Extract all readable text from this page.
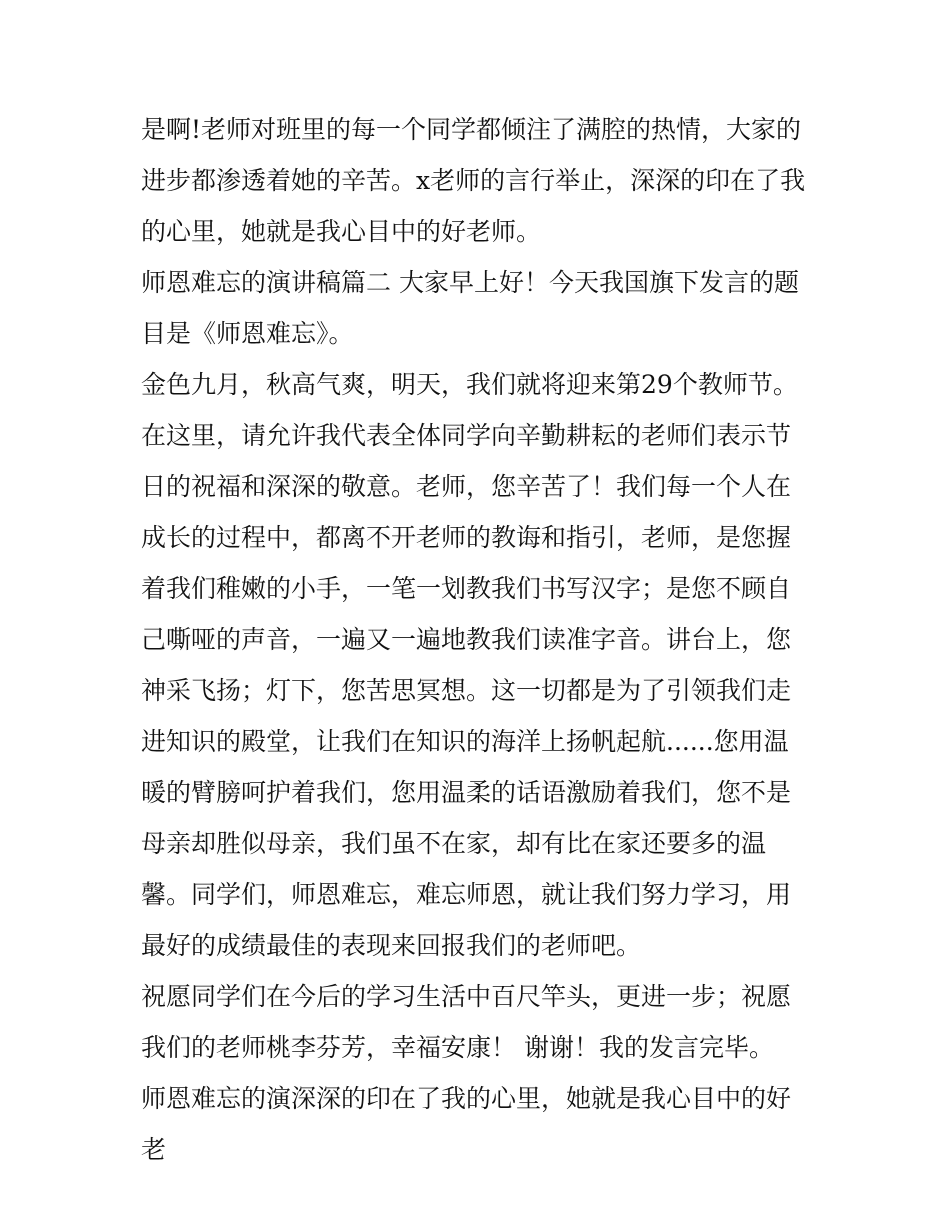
是啊!老师对班里的每一个同学都倾注了满腔的热情，大家的进步都渗透着她的辛苦。x老师的言行举止，深深的印在了我的心里，她就是我心目中的好老师。

师恩难忘的演讲稿篇二 大家早上好！今天我国旗下发言的题目是《师恩难忘》。

金色九月，秋高气爽，明天，我们就将迎来第29个教师节。在这里，请允许我代表全体同学向辛勤耕耘的老师们表示节日的祝福和深深的敬意。老师，您辛苦了！我们每一个人在成长的过程中，都离不开老师的教诲和指引，老师，是您握着我们稚嫩的小手，一笔一划教我们书写汉字；是您不顾自己嘶哑的声音，一遍又一遍地教我们读准字音。讲台上，您神采飞扬；灯下，您苦思冥想。这一切都是为了引领我们走进知识的殿堂，让我们在知识的海洋上扬帆起航......您用温暖的臂膀呵护着我们，您用温柔的话语激励着我们，您不是母亲却胜似母亲，我们虽不在家，却有比在家还要多的温馨。同学们，师恩难忘，难忘师恩，就让我们努力学习，用最好的成绩最佳的表现来回报我们的老师吧。

祝愿同学们在今后的学习生活中百尺竿头，更进一步；祝愿我们的老师桃李芬芳，幸福安康！ 谢谢！我的发言完毕。

师恩难忘的演深深的印在了我的心里，她就是我心目中的好老
